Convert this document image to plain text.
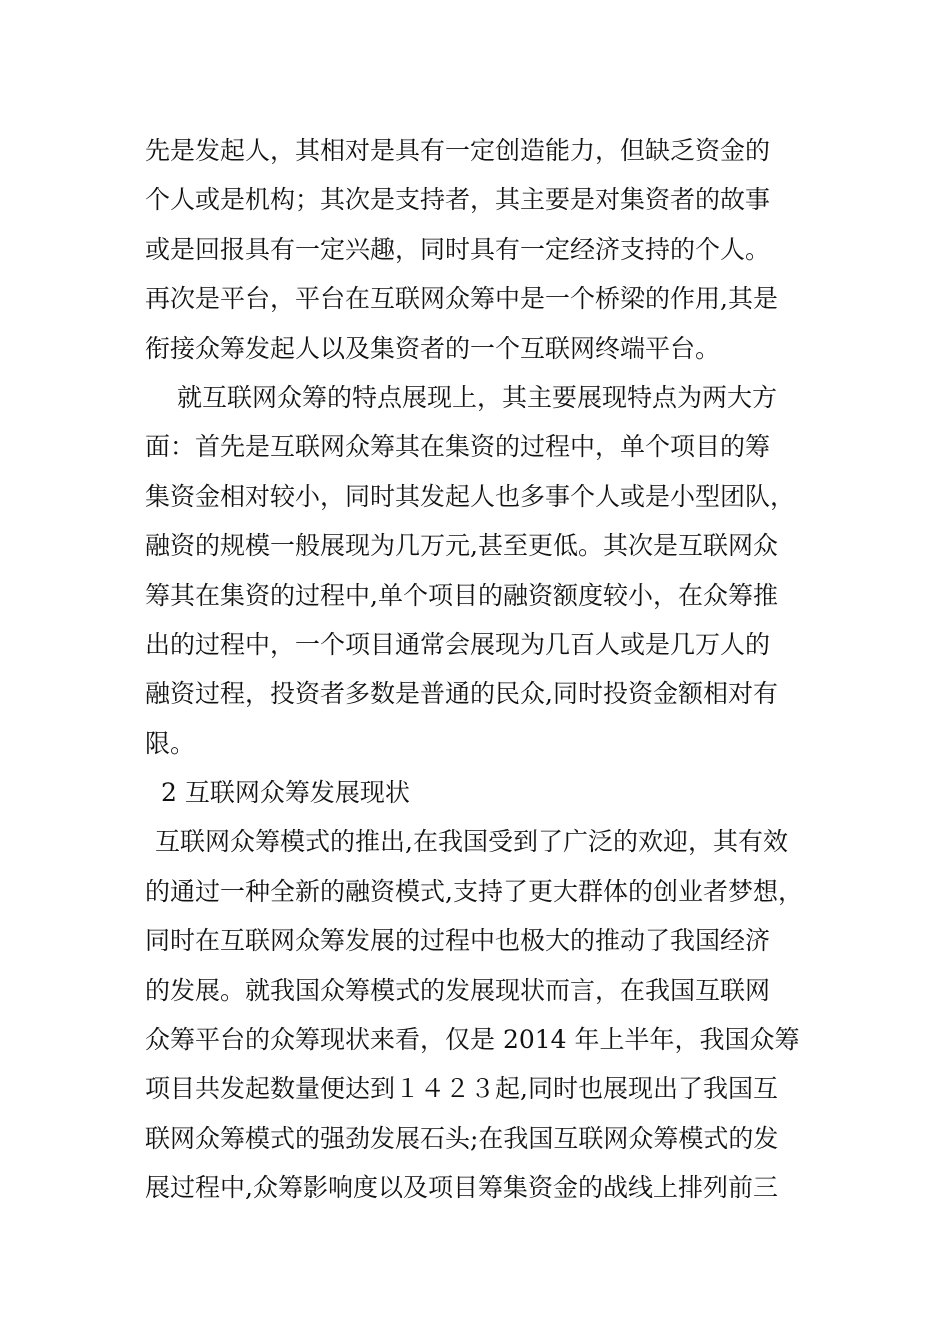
先是发起人，其相对是具有一定创造能力，但缺乏资金的
个人或是机构；其次是支持者，其主要是对集资者的故事
或是回报具有一定兴趣，同时具有一定经济支持的个人。
再次是平台，平台在互联网众筹中是一个桥梁的作用,其是
衔接众筹发起人以及集资者的一个互联网终端平台。
就互联网众筹的特点展现上，其主要展现特点为两大方
面：首先是互联网众筹其在集资的过程中，单个项目的筹
集资金相对较小，同时其发起人也多事个人或是小型团队，
融资的规模一般展现为几万元,甚至更低。其次是互联网众
筹其在集资的过程中,单个项目的融资额度较小，在众筹推
出的过程中，一个项目通常会展现为几百人或是几万人的
融资过程，投资者多数是普通的民众,同时投资金额相对有
限。
2 互联网众筹发展现状
互联网众筹模式的推出,在我国受到了广泛的欢迎，其有效
的通过一种全新的融资模式,支持了更大群体的创业者梦想，
同时在互联网众筹发展的过程中也极大的推动了我国经济
的发展。就我国众筹模式的发展现状而言，在我国互联网
众筹平台的众筹现状来看，仅是 2014 年上半年，我国众筹
项目共发起数量便达到１４２３起,同时也展现出了我国互
联网众筹模式的强劲发展石头;在我国互联网众筹模式的发
展过程中,众筹影响度以及项目筹集资金的战线上排列前三
